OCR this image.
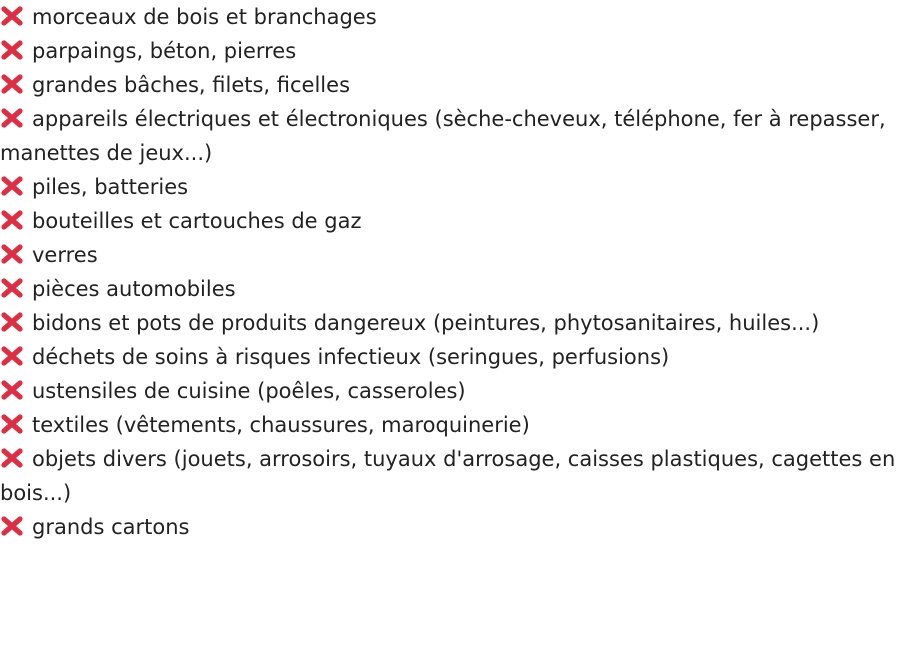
morceaux de bois et branchages
parpaings, béton, pierres
grandes bâches, filets, ficelles
appareils électriques et électroniques (sèche-cheveux, téléphone, fer à repasser, manettes de jeux...)
piles, batteries
bouteilles et cartouches de gaz
verres
pièces automobiles
bidons et pots de produits dangereux (peintures, phytosanitaires, huiles...)
déchets de soins à risques infectieux (seringues, perfusions)
ustensiles de cuisine (poêles, casseroles)
textiles (vêtements, chaussures, maroquinerie)
objets divers (jouets, arrosoirs, tuyaux d'arrosage, caisses plastiques, cagettes en bois...)
grands cartons
